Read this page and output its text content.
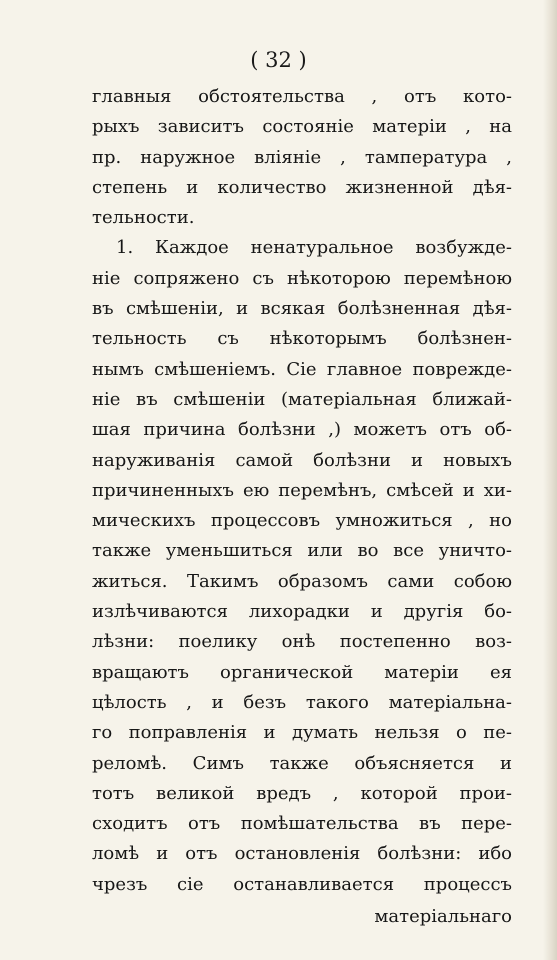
( 32 )
главныя обстоятельства , отъ кото-
рыхъ зависитъ состоянiе матерiи , на
пр. наружное влiянiе , тампература ,
степень и количество жизненной дѣя-
тельности.
1. Каждое ненатуральное возбужде-
нiе сопряжено съ нѣкоторою перемѣною
въ смѣшенiи, и всякая болѣзненная дѣя-
тельность съ нѣкоторымъ болѣзнен-
нымъ смѣшенiемъ. Сiе главное поврежде-
нiе въ смѣшенiи (матерiальная ближай-
шая причина болѣзни ,) можетъ отъ об-
наруживанiя самой болѣзни и новыхъ
причиненныхъ ею перемѣнъ, смѣсей и хи-
мическихъ процессовъ умножиться , но
также уменьшиться или во все уничто-
житься. Такимъ образомъ сами собою
излѣчиваются лихорадки и другiя бо-
лѣзни: поелику онѣ постепенно воз-
вращаютъ органической матерiи ея
цѣлость , и безъ такого матерiальна-
го поправленiя и думать нельзя о пе-
реломѣ. Симъ также объясняется и
тотъ великой вредъ , которой прои-
сходитъ отъ помѣшательства въ пере-
ломѣ и отъ остановленiя болѣзни: ибо
чрезъ сiе останавливается процессъ
матерiальнаго
